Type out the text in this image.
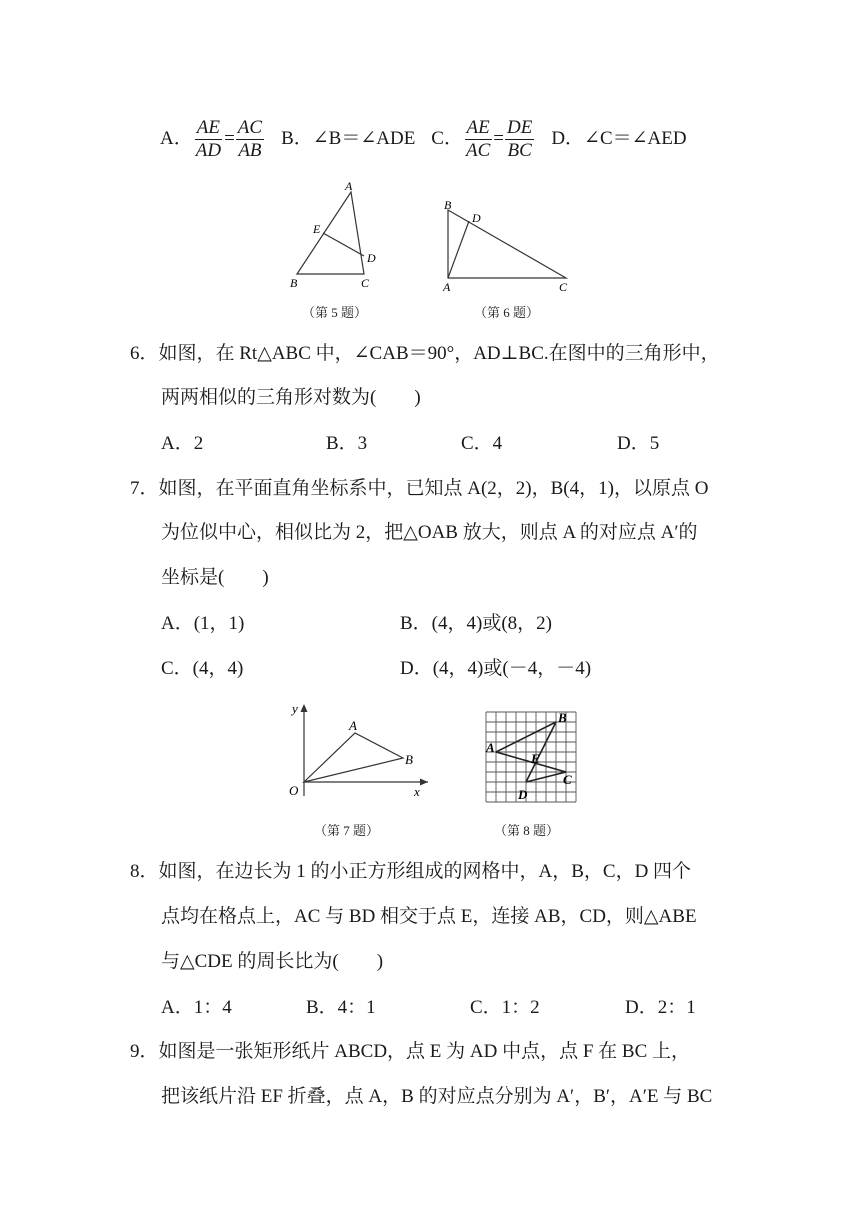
A． $\frac{AE}{AD} = \frac{AC}{AB}$ B．∠B＝∠ADE C． $\frac{AE}{AC} = \frac{DE}{BC}$ D．∠C＝∠AED
A
E
D
B	C
（第 5 题）
B
D
A	C
（第 6 题）
6．如图，在 Rt△ABC 中，∠CAB＝90°，AD⊥BC.在图中的三角形中，
两两相似的三角形对数为(　　)
A．2	B．3	C．4	D．5
7．如图，在平面直角坐标系中，已知点 A(2，2)，B(4，1)，以原点 O
为位似中心，相似比为 2，把△OAB 放大，则点 A 的对应点 A′的
坐标是(　　)
A．(1，1)	B．(4，4)或(8，2)
C．(4，4)	D．(4，4)或(－4，－4)
y
A
B
O	x
（第 7 题）
B
A
E
C
D
（第 8 题）
8．如图，在边长为 1 的小正方形组成的网格中，A，B，C，D 四个
点均在格点上，AC 与 BD 相交于点 E，连接 AB，CD，则△ABE
与△CDE 的周长比为(　　)
A．1：4	B．4：1	C．1：2	D．2：1
9．如图是一张矩形纸片 ABCD，点 E 为 AD 中点，点 F 在 BC 上，
把该纸片沿 EF 折叠，点 A，B 的对应点分别为 A′，B′，A′E 与 BC
